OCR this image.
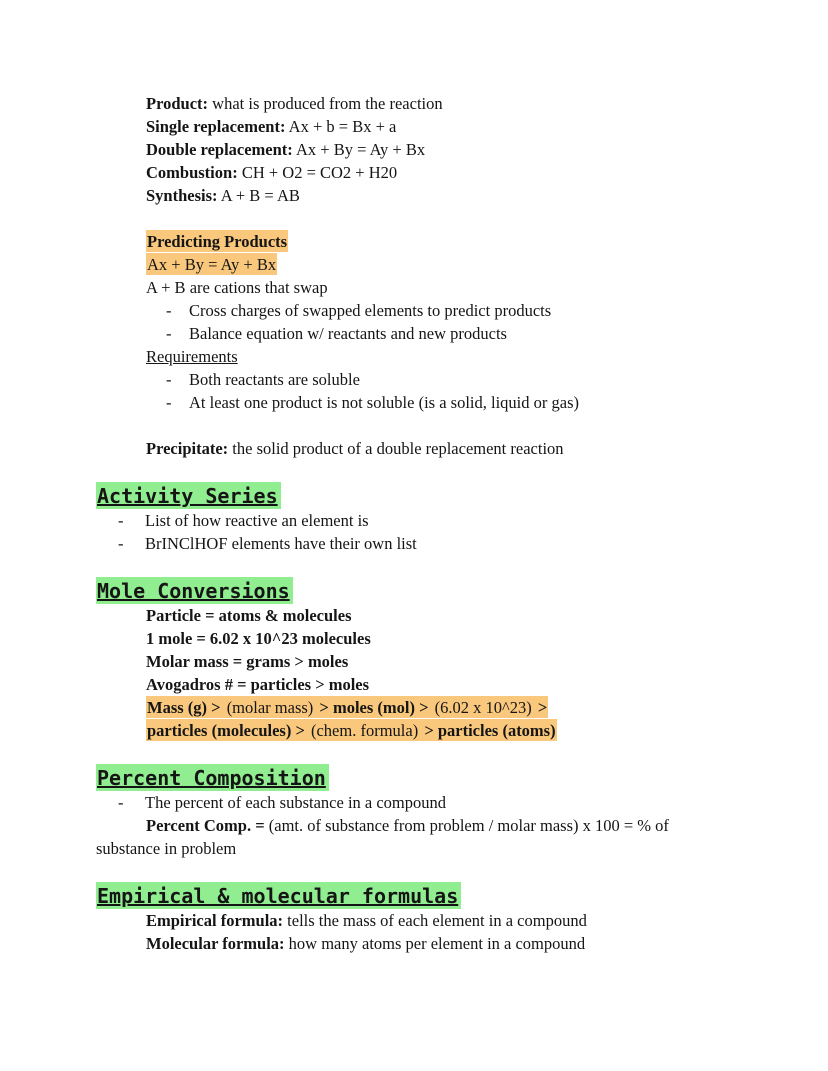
Product: what is produced from the reaction
Single replacement: Ax + b = Bx + a
Double replacement: Ax + By = Ay + Bx
Combustion: CH + O2 = CO2 + H20
Synthesis: A + B = AB
Predicting Products
Ax + By = Ay + Bx
A + B are cations that swap
- Cross charges of swapped elements to predict products
- Balance equation w/ reactants and new products
Requirements
- Both reactants are soluble
- At least one product is not soluble (is a solid, liquid or gas)
Precipitate: the solid product of a double replacement reaction
Activity Series
- List of how reactive an element is
- BrINClHOF elements have their own list
Mole Conversions
Particle = atoms & molecules
1 mole = 6.02 x 10^23 molecules
Molar mass = grams > moles
Avogadros # = particles > moles
Mass (g) > (molar mass) > moles (mol) > (6.02 x 10^23) >
particles (molecules) > (chem. formula) > particles (atoms)
Percent Composition
- The percent of each substance in a compound
Percent Comp. = (amt. of substance from problem / molar mass) x 100 = % of
substance in problem
Empirical & molecular formulas
Empirical formula: tells the mass of each element in a compound
Molecular formula: how many atoms per element in a compound
